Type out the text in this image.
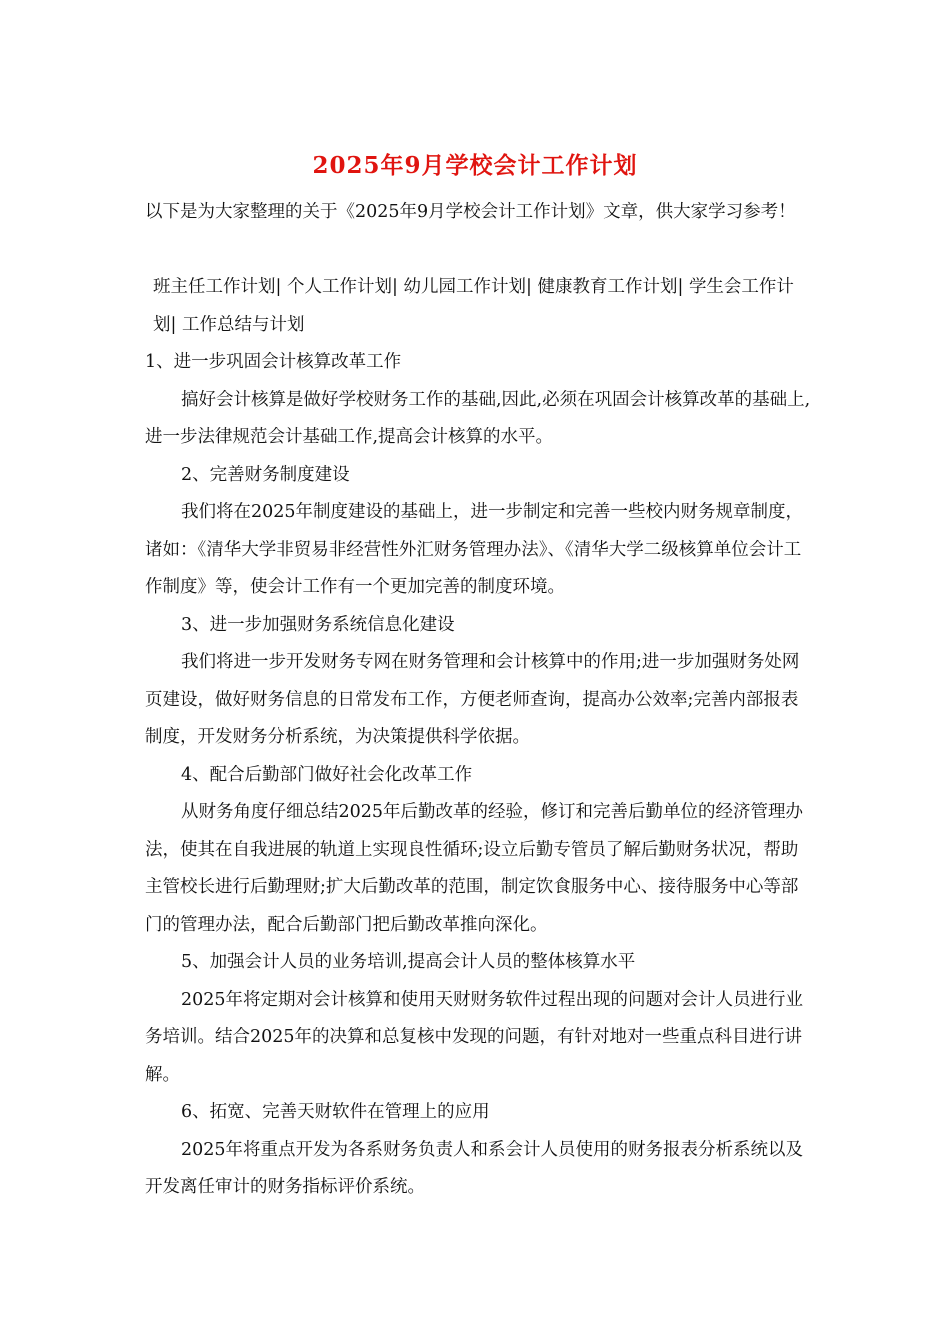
2025年9月学校会计工作计划

以下是为大家整理的关于《2025年9月学校会计工作计划》文章，供大家学习参考！

班主任工作计划| 个人工作计划| 幼儿园工作计划| 健康教育工作计划| 学生会工作计划| 工作总结与计划

1、进一步巩固会计核算改革工作

搞好会计核算是做好学校财务工作的基础,因此,必须在巩固会计核算改革的基础上,进一步法律规范会计基础工作,提高会计核算的水平。

2、完善财务制度建设

我们将在2025年制度建设的基础上，进一步制定和完善一些校内财务规章制度，诸如：《清华大学非贸易非经营性外汇财务管理办法》、《清华大学二级核算单位会计工作制度》等，使会计工作有一个更加完善的制度环境。

3、进一步加强财务系统信息化建设

我们将进一步开发财务专网在财务管理和会计核算中的作用;进一步加强财务处网页建设，做好财务信息的日常发布工作，方便老师查询，提高办公效率;完善内部报表制度，开发财务分析系统，为决策提供科学依据。

4、配合后勤部门做好社会化改革工作

从财务角度仔细总结2025年后勤改革的经验，修订和完善后勤单位的经济管理办法，使其在自我进展的轨道上实现良性循环;设立后勤专管员了解后勤财务状况，帮助主管校长进行后勤理财;扩大后勤改革的范围，制定饮食服务中心、接待服务中心等部门的管理办法，配合后勤部门把后勤改革推向深化。

5、加强会计人员的业务培训,提高会计人员的整体核算水平

2025年将定期对会计核算和使用天财财务软件过程出现的问题对会计人员进行业务培训。结合2025年的决算和总复核中发现的问题，有针对地对一些重点科目进行讲解。

6、拓宽、完善天财软件在管理上的应用

2025年将重点开发为各系财务负责人和系会计人员使用的财务报表分析系统以及开发离任审计的财务指标评价系统。
